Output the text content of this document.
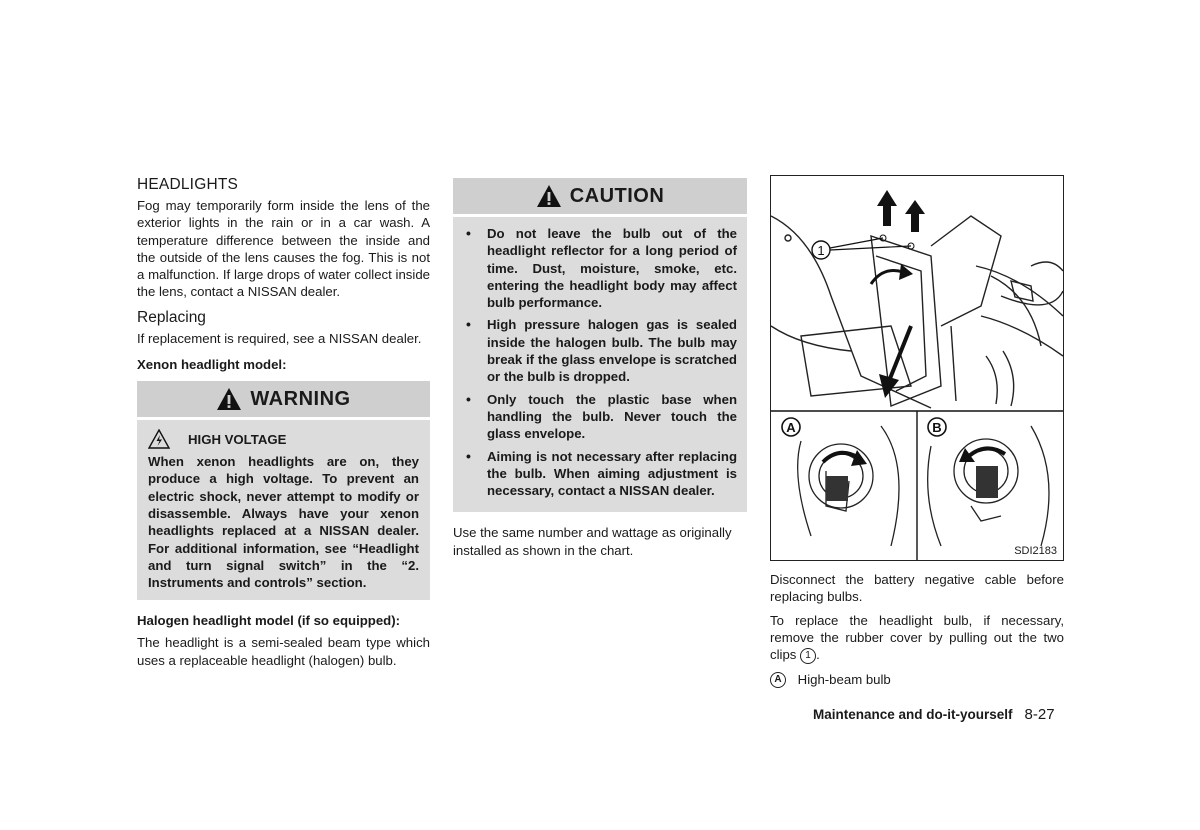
HEADLIGHTS

Fog may temporarily form inside the lens of the exterior lights in the rain or in a car wash. A temperature difference between the inside and the outside of the lens causes the fog. This is not a malfunction. If large drops of water collect inside the lens, contact a NISSAN dealer.

Replacing

If replacement is required, see a NISSAN dealer.

Xenon headlight model:
WARNING
HIGH VOLTAGE

When xenon headlights are on, they produce a high voltage. To prevent an electric shock, never attempt to modify or disassemble. Always have your xenon headlights replaced at a NISSAN dealer. For additional information, see “Headlight and turn signal switch” in the “2. Instruments and controls” section.

Halogen headlight model (if so equipped):

The headlight is a semi-sealed beam type which uses a replaceable headlight (halogen) bulb.

CAUTION
• Do not leave the bulb out of the headlight reflector for a long period of time. Dust, moisture, smoke, etc. entering the headlight body may affect bulb performance.
• High pressure halogen gas is sealed inside the halogen bulb. The bulb may break if the glass envelope is scratched or the bulb is dropped.
• Only touch the plastic base when handling the bulb. Never touch the glass envelope.
• Aiming is not necessary after replacing the bulb. When aiming adjustment is necessary, contact a NISSAN dealer.

Use the same number and wattage as originally installed as shown in the chart.

1
A	B
SDI2183

Disconnect the battery negative cable before replacing bulbs.

To replace the headlight bulb, if necessary, remove the rubber cover by pulling out the two clips 1 .

A High-beam bulb

Maintenance and do-it-yourself 8-27
